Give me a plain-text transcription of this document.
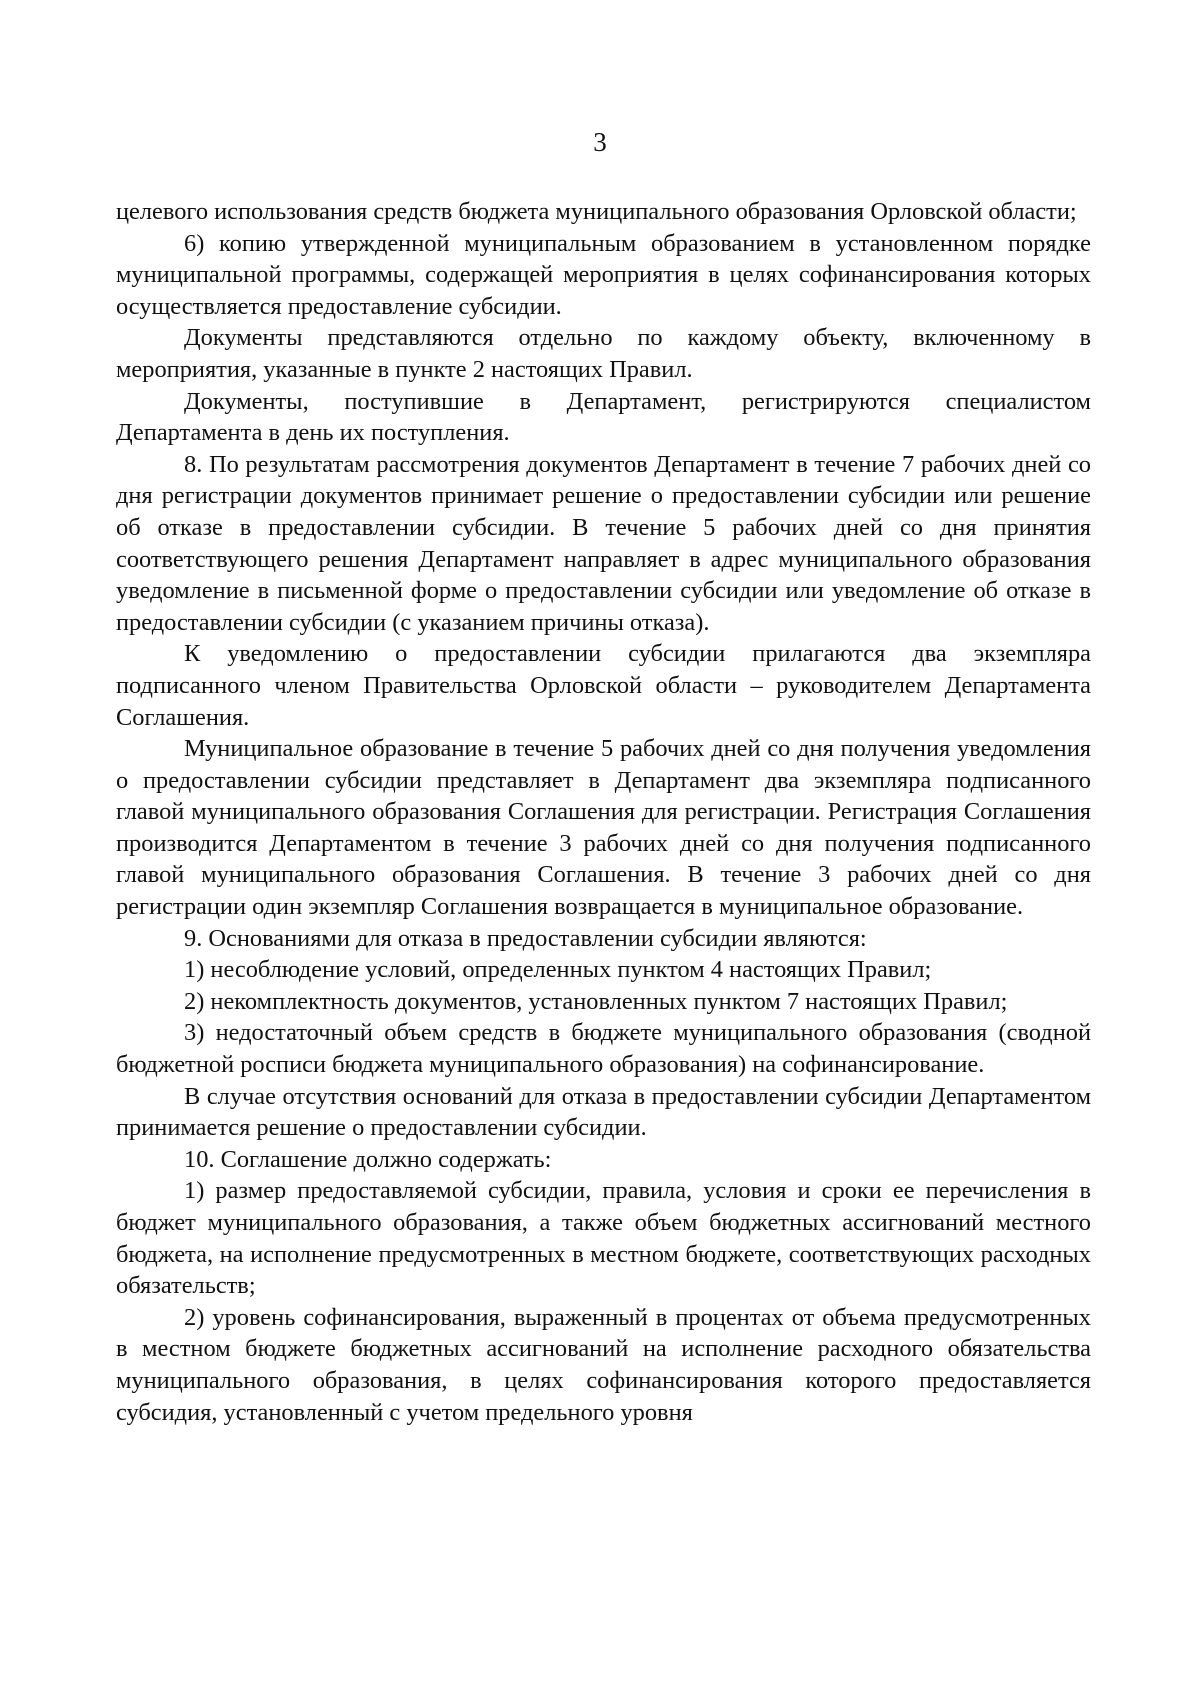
3

целевого использования средств бюджета муниципального образования Орловской области;

6) копию утвержденной муниципальным образованием в установленном порядке муниципальной программы, содержащей мероприятия в целях софинансирования которых осуществляется предоставление субсидии.

Документы представляются отдельно по каждому объекту, включенному в мероприятия, указанные в пункте 2 настоящих Правил.

Документы, поступившие в Департамент, регистрируются специалистом Департамента в день их поступления.

8. По результатам рассмотрения документов Департамент в течение 7 рабочих дней со дня регистрации документов принимает решение о предоставлении субсидии или решение об отказе в предоставлении субсидии. В течение 5 рабочих дней со дня принятия соответствующего решения Департамент направляет в адрес муниципального образования уведомление в письменной форме о предоставлении субсидии или уведомление об отказе в предоставлении субсидии (с указанием причины отказа).

К уведомлению о предоставлении субсидии прилагаются два экземпляра подписанного членом Правительства Орловской области – руководителем Департамента Соглашения.

Муниципальное образование в течение 5 рабочих дней со дня получения уведомления о предоставлении субсидии представляет в Департамент два экземпляра подписанного главой муниципального образования Соглашения для регистрации. Регистрация Соглашения производится Департаментом в течение 3 рабочих дней со дня получения подписанного главой муниципального образования Соглашения. В течение 3 рабочих дней со дня регистрации один экземпляр Соглашения возвращается в муниципальное образование.

9. Основаниями для отказа в предоставлении субсидии являются:

1) несоблюдение условий, определенных пунктом 4 настоящих Правил;

2) некомплектность документов, установленных пунктом 7 настоящих Правил;

3) недостаточный объем средств в бюджете муниципального образования (сводной бюджетной росписи бюджета муниципального образования) на софинансирование.

В случае отсутствия оснований для отказа в предоставлении субсидии Департаментом принимается решение о предоставлении субсидии.

10. Соглашение должно содержать:

1) размер предоставляемой субсидии, правила, условия и сроки ее перечисления в бюджет муниципального образования, а также объем бюджетных ассигнований местного бюджета, на исполнение предусмотренных в местном бюджете, соответствующих расходных обязательств;

2) уровень софинансирования, выраженный в процентах от объема предусмотренных в местном бюджете бюджетных ассигнований на исполнение расходного обязательства муниципального образования, в целях софинансирования которого предоставляется субсидия, установленный с учетом предельного уровня
